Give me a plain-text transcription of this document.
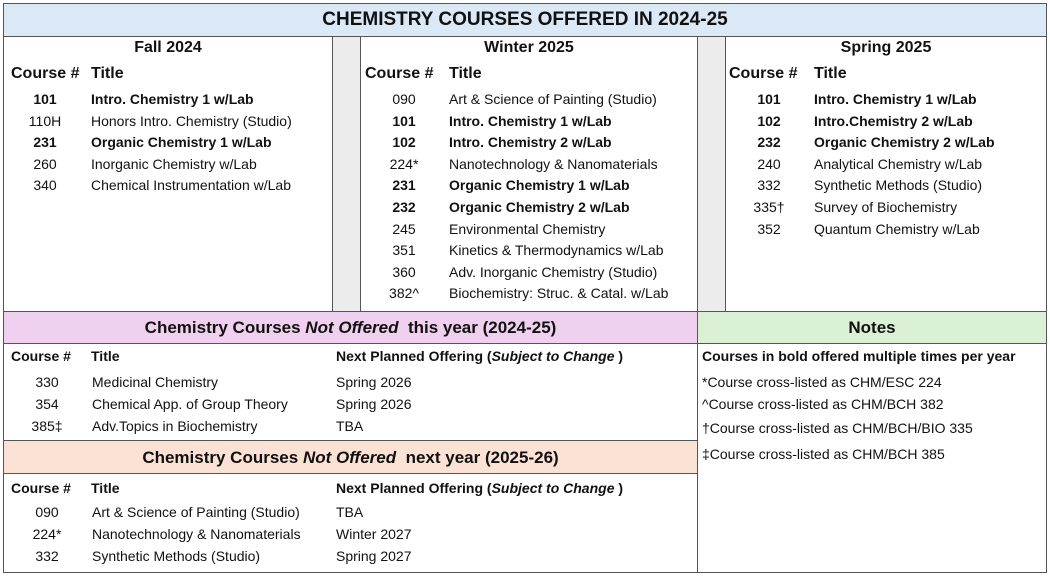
CHEMISTRY COURSES OFFERED IN 2024-25
Fall 2024
Course # Title
101	Intro. Chemistry 1 w/Lab
110H	Honors Intro. Chemistry (Studio)
231	Organic Chemistry 1 w/Lab
260	Inorganic Chemistry w/Lab
340	Chemical Instrumentation w/Lab
Winter 2025
Course # Title
090	Art & Science of Painting (Studio)
101	Intro. Chemistry 1 w/Lab
102	Intro. Chemistry 2 w/Lab
224*	Nanotechnology & Nanomaterials
231	Organic Chemistry 1 w/Lab
232	Organic Chemistry 2 w/Lab
245	Environmental Chemistry
351	Kinetics & Thermodynamics w/Lab
360	Adv. Inorganic Chemistry (Studio)
382^	Biochemistry: Struc. & Catal. w/Lab
Spring 2025
Course # Title
101	Intro. Chemistry 1 w/Lab
102	Intro.Chemistry 2 w/Lab
232	Organic Chemistry 2 w/Lab
240	Analytical Chemistry w/Lab
332	Synthetic Methods (Studio)
335†	Survey of Biochemistry
352	Quantum Chemistry w/Lab
Chemistry Courses Not Offered  this year (2024-25)
Course # Title	Next Planned Offering (Subject to Change )
330	Medicinal Chemistry	Spring 2026
354	Chemical App. of Group Theory	Spring 2026
385‡	Adv.Topics in Biochemistry	TBA
Chemistry Courses Not Offered  next year (2025-26)
Course # Title	Next Planned Offering (Subject to Change )
090	Art & Science of Painting (Studio)	TBA
224*	Nanotechnology & Nanomaterials	Winter 2027
332	Synthetic Methods (Studio)	Spring 2027
Notes
Courses in bold offered multiple times per year
*Course cross-listed as CHM/ESC 224
^Course cross-listed as CHM/BCH 382
†Course cross-listed as CHM/BCH/BIO 335
‡Course cross-listed as CHM/BCH 385
